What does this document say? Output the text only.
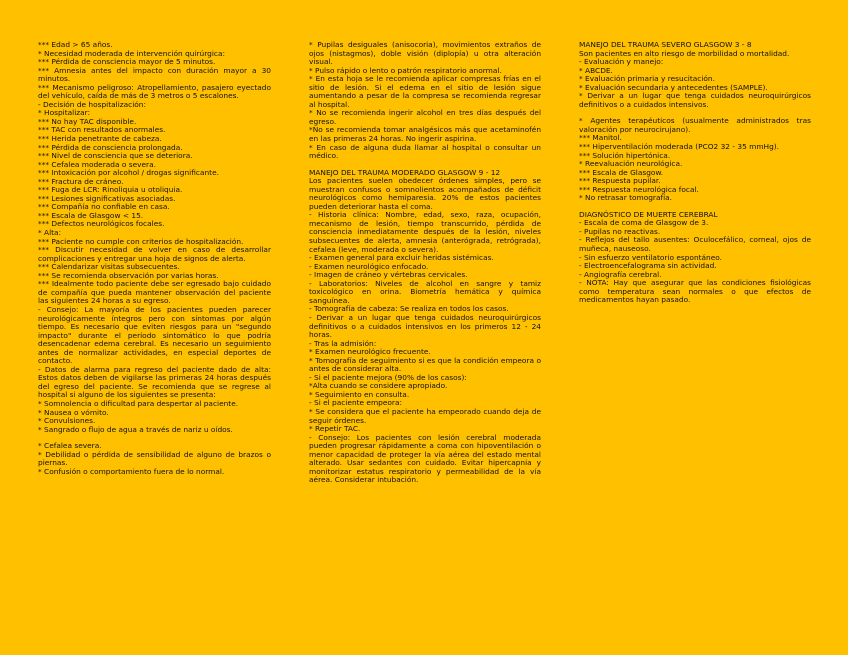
*** Edad > 65 años.

* Necesidad moderada de intervención quirúrgica:

*** Pérdida de consciencia mayor de 5 minutos.

*** Amnesia antes del impacto con duración mayor a 30 minutos.

*** Mecanismo peligroso: Atropellamiento, pasajero eyectado del vehículo, caída de más de 3 metros o 5 escalones.

- Decisión de hospitalización:

* Hospitalizar:

*** No hay TAC disponible.

*** TAC con resultados anormales.

*** Herida penetrante de cabeza.

*** Pérdida de consciencia prolongada.

*** Nivel de consciencia que se deteriora.

*** Cefalea moderada o severa.

*** Intoxicación por alcohol / drogas significante.

*** Fractura de cráneo.

*** Fuga de LCR: Rinoliquia u otoliquia.

*** Lesiones significativas asociadas.

*** Compañía no confiable en casa.

*** Escala de Glasgow < 15.

*** Defectos neurológicos focales.

* Alta:

*** Paciente no cumple con criterios de hospitalización.

*** Discutir necesidad de volver en caso de desarrollar complicaciones y entregar una hoja de signos de alerta.

*** Calendarizar visitas subsecuentes.

*** Se recomienda observación por varias horas.

*** Idealmente todo paciente debe ser egresado bajo cuidado de compañía que pueda mantener observación del paciente las siguientes 24 horas a su egreso.

- Consejo: La mayoría de los pacientes pueden parecer neurológicamente íntegros pero con síntomas por algún tiempo. Es necesario que eviten riesgos para un "segundo impacto" durante el período sintomático lo que podría desencadenar edema cerebral. Es necesario un seguimiento antes de normalizar actividades, en especial deportes de contacto.

- Datos de alarma para regreso del paciente dado de alta: Estos datos deben de vigilarse las primeras 24 horas después del egreso del paciente. Se recomienda que se regrese al hospital si alguno de los siguientes se presenta:

* Somnolencia o dificultad para despertar al paciente.

* Nausea o vómito.

* Convulsiones.

* Sangrado o flujo de agua a través de nariz u oídos.

* Cefalea severa.

* Debilidad o pérdida de sensibilidad de alguno de brazos o piernas.

* Confusión o comportamiento fuera de lo normal.

* Pupilas desiguales (anisocoria), movimientos extraños de ojos (nistagmos), doble visión (diplopía) u otra alteración visual.

* Pulso rápido o lento o patrón respiratorio anormal.

* En esta hoja se le recomienda aplicar compresas frías en el sitio de lesión. Si el edema en el sitio de lesión sigue aumentando a pesar de la compresa se recomienda regresar al hospital.

* No se recomienda ingerir alcohol en tres días después del egreso.

*No se recomienda tomar analgésicos más que acetaminofén en las primeras 24 horas. No ingerir aspirina.

* En caso de alguna duda llamar al hospital o consultar un médico.

MANEJO DEL TRAUMA MODERADO GLASGOW 9 - 12

Los pacientes suelen obedecer órdenes simples, pero se muestran confusos o somnolientos acompañados de déficit neurológicos como hemiparesia. 20% de estos pacientes pueden deteriorar hasta el coma.

- Historia clínica: Nombre, edad, sexo, raza, ocupación, mecanismo de lesión, tiempo transcurrido, pérdida de consciencia inmediatamente después de la lesión, niveles subsecuentes de alerta, amnesia (anterógrada, retrógrada), cefalea (leve, moderada o severa).

- Examen general para excluir heridas sistémicas.

- Examen neurológico enfocado.

- Imagen de cráneo y vértebras cervicales.

- Laboratorios: Niveles de alcohol en sangre y tamiz toxicológico en orina. Biometría hemática y química sanguínea.

- Tomografía de cabeza: Se realiza en todos los casos.

- Derivar a un lugar que tenga cuidados neuroquirúrgicos definitivos o a cuidados intensivos en los primeros 12 - 24 horas.

- Tras la admisión:

* Examen neurológico frecuente.

* Tomografía de seguimiento si es que la condición empeora o antes de considerar alta.

- Si el paciente mejora (90% de los casos):

*Alta cuando se considere apropiado.

* Seguimiento en consulta.

- Si el paciente empeora:

* Se considera que el paciente ha empeorado cuando deja de seguir órdenes.

* Repetir TAC.

- Consejo: Los pacientes con lesión cerebral moderada pueden progresar rápidamente a coma con hipoventilación o menor capacidad de proteger la vía aérea del estado mental alterado. Usar sedantes con cuidado. Evitar hipercapnia y monitorizar estatus respiratorio y permeabilidad de la vía aérea. Considerar intubación.

MANEJO DEL TRAUMA SEVERO GLASGOW 3 - 8

Son pacientes en alto riesgo de morbilidad o mortalidad.

- Evaluación y manejo:

* ABCDE.

* Evaluación primaria y resucitación.

* Evaluación secundaria y antecedentes (SAMPLE).

* Derivar a un lugar que tenga cuidados neuroquirúrgicos definitivos o a cuidados intensivos.

* Agentes terapéuticos (usualmente administrados tras valoración por neurocirujano).

*** Manitol.

*** Hiperventilación moderada (PCO2 32 - 35 mmHg).

*** Solución hipertónica.

* Reevaluación neurológica.

*** Escala de Glasgow.

*** Respuesta pupilar.

*** Respuesta neurológica focal.

* No retrasar tomografía.

DIAGNÓSTICO DE MUERTE CEREBRAL

- Escala de coma de Glasgow de 3.

- Pupilas no reactivas.

- Reflejos del tallo ausentes: Oculocefálico, corneal, ojos de muñeca, nauseoso.

- Sin esfuerzo ventilatorio espontáneo.

- Electroencefalograma sin actividad.

- Angiografía cerebral.

- NOTA: Hay que asegurar que las condiciones fisiológicas como temperatura sean normales o que efectos de medicamentos hayan pasado.
